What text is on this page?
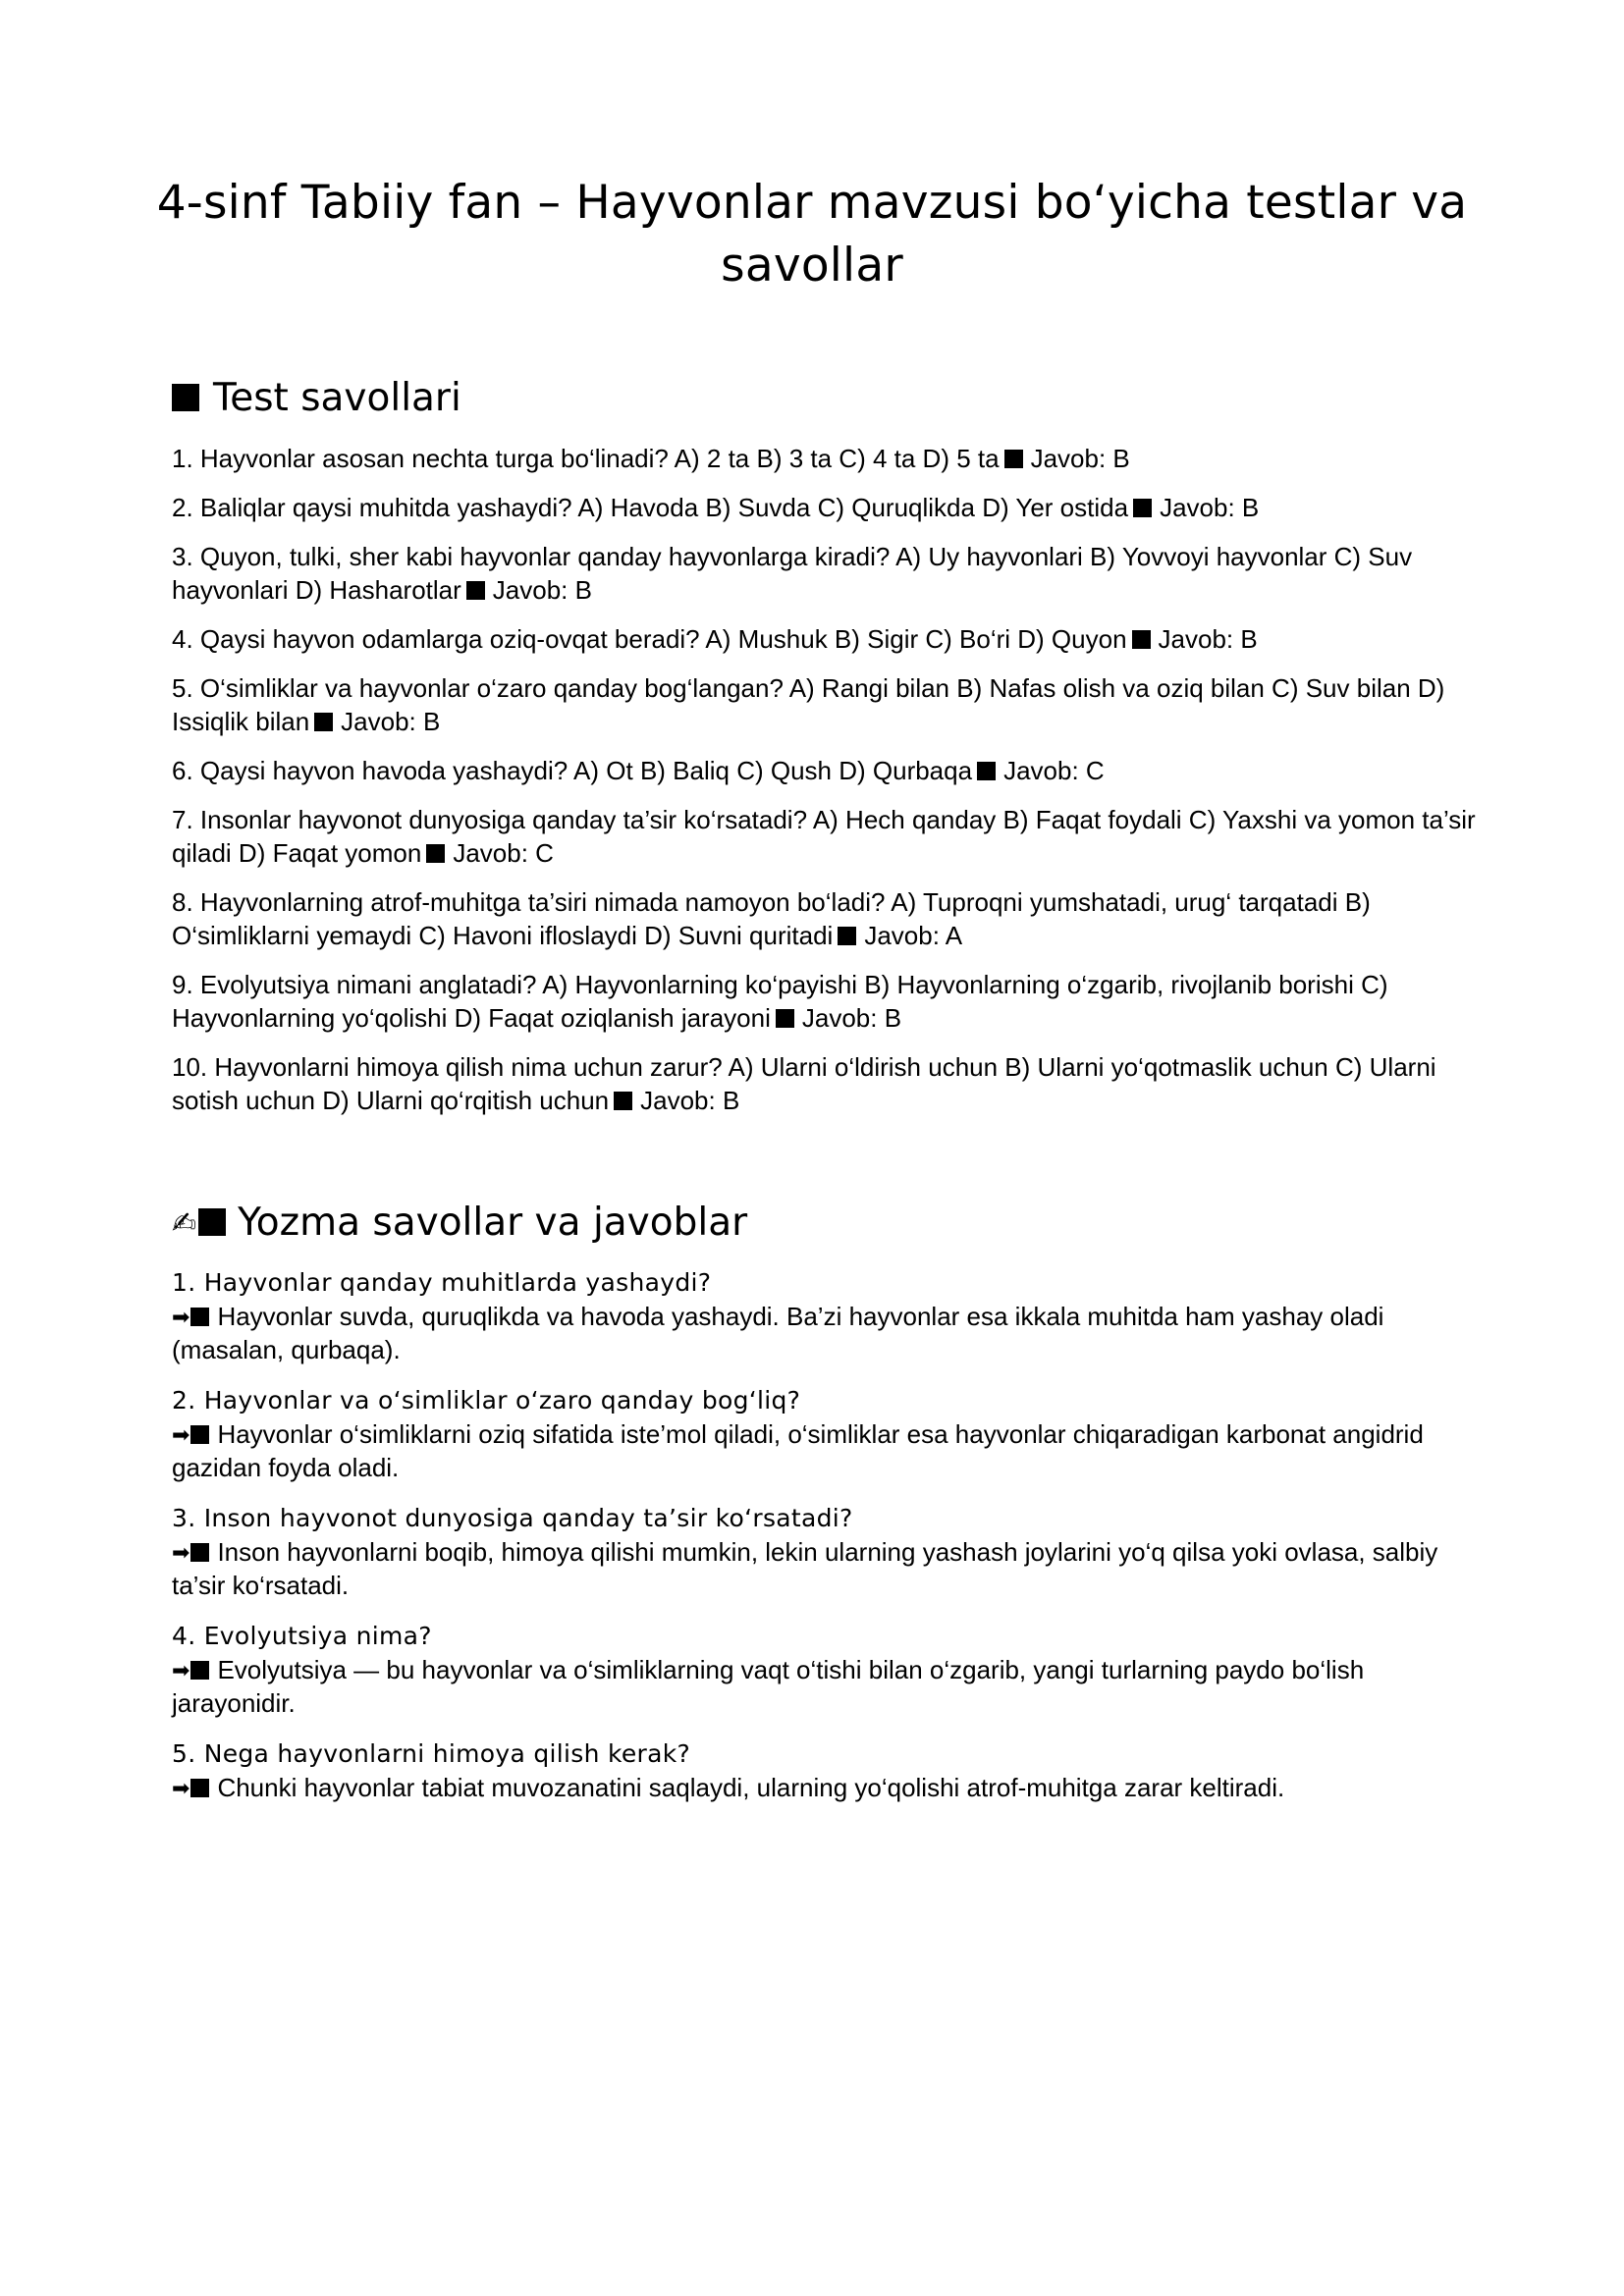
4-sinf Tabiiy fan – Hayvonlar mavzusi bo‘yicha testlar va savollar
Test savollari
1. Hayvonlar asosan nechta turga bo‘linadi? A) 2 ta B) 3 ta C) 4 ta D) 5 ta Javob: B
2. Baliqlar qaysi muhitda yashaydi? A) Havoda B) Suvda C) Quruqlikda D) Yer ostida Javob: B
3. Quyon, tulki, sher kabi hayvonlar qanday hayvonlarga kiradi? A) Uy hayvonlari B) Yovvoyi hayvonlar C) Suv hayvonlari D) Hasharotlar Javob: B
4. Qaysi hayvon odamlarga oziq-ovqat beradi? A) Mushuk B) Sigir C) Bo‘ri D) Quyon Javob: B
5. O‘simliklar va hayvonlar o‘zaro qanday bog‘langan? A) Rangi bilan B) Nafas olish va oziq bilan C) Suv bilan D) Issiqlik bilan Javob: B
6. Qaysi hayvon havoda yashaydi? A) Ot B) Baliq C) Qush D) Qurbaqa Javob: C
7. Insonlar hayvonot dunyosiga qanday ta’sir ko‘rsatadi? A) Hech qanday B) Faqat foydali C) Yaxshi va yomon ta’sir qiladi D) Faqat yomon Javob: C
8. Hayvonlarning atrof-muhitga ta’siri nimada namoyon bo‘ladi? A) Tuproqni yumshatadi, urug‘ tarqatadi B) O‘simliklarni yemaydi C) Havoni ifloslaydi D) Suvni quritadi Javob: A
9. Evolyutsiya nimani anglatadi? A) Hayvonlarning ko‘payishi B) Hayvonlarning o‘zgarib, rivojlanib borishi C) Hayvonlarning yo‘qolishi D) Faqat oziqlanish jarayoni Javob: B
10. Hayvonlarni himoya qilish nima uchun zarur? A) Ularni o‘ldirish uchun B) Ularni yo‘qotmaslik uchun C) Ularni sotish uchun D) Ularni qo‘rqitish uchun Javob: B
✍ Yozma savollar va javoblar
1. Hayvonlar qanday muhitlarda yashaydi?
➡ Hayvonlar suvda, quruqlikda va havoda yashaydi. Ba’zi hayvonlar esa ikkala muhitda ham yashay oladi (masalan, qurbaqa).
2. Hayvonlar va o‘simliklar o‘zaro qanday bog‘liq?
➡ Hayvonlar o‘simliklarni oziq sifatida iste’mol qiladi, o‘simliklar esa hayvonlar chiqaradigan karbonat angidrid gazidan foyda oladi.
3. Inson hayvonot dunyosiga qanday ta’sir ko‘rsatadi?
➡ Inson hayvonlarni boqib, himoya qilishi mumkin, lekin ularning yashash joylarini yo‘q qilsa yoki ovlasa, salbiy ta’sir ko‘rsatadi.
4. Evolyutsiya nima?
➡ Evolyutsiya — bu hayvonlar va o‘simliklarning vaqt o‘tishi bilan o‘zgarib, yangi turlarning paydo bo‘lish jarayonidir.
5. Nega hayvonlarni himoya qilish kerak?
➡ Chunki hayvonlar tabiat muvozanatini saqlaydi, ularning yo‘qolishi atrof-muhitga zarar keltiradi.
